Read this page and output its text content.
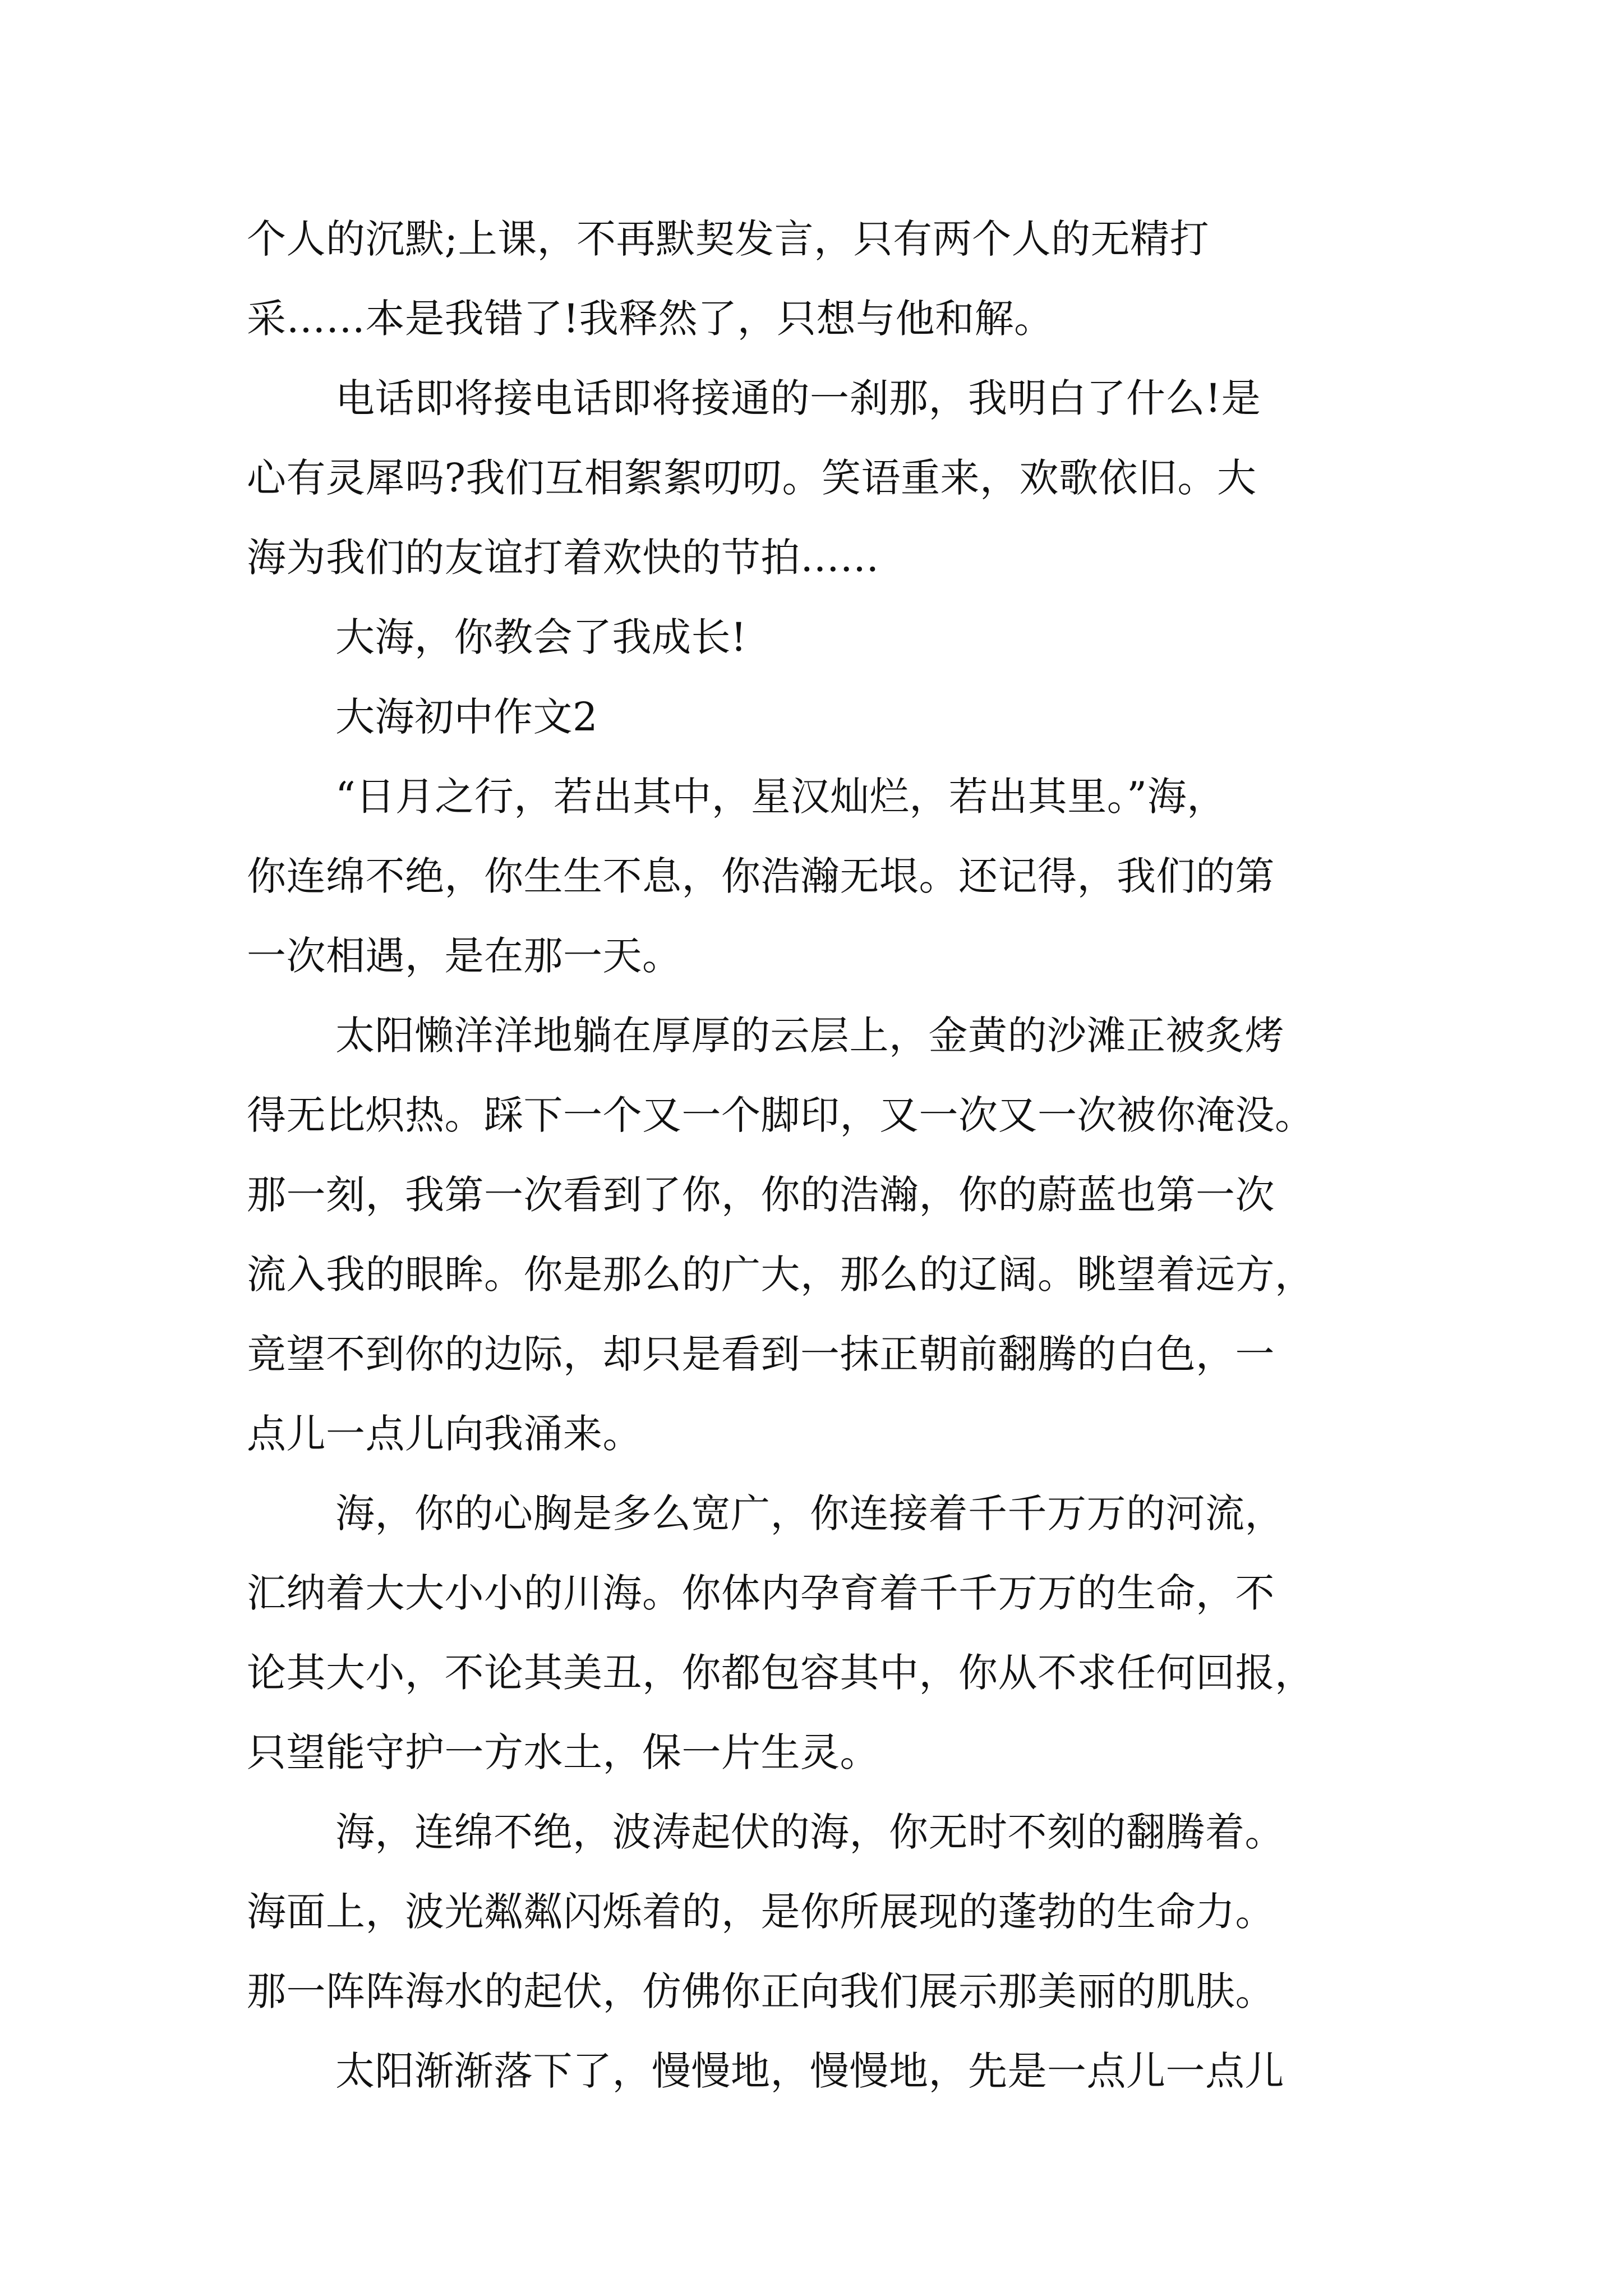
个人的沉默;上课，不再默契发言，只有两个人的无精打
采……本是我错了!我释然了，只想与他和解。
电话即将接电话即将接通的一刹那，我明白了什么!是
心有灵犀吗?我们互相絮絮叨叨。笑语重来，欢歌依旧。大
海为我们的友谊打着欢快的节拍……
大海，你教会了我成长!
大海初中作文2
“日月之行，若出其中，星汉灿烂，若出其里。”海，
你连绵不绝，你生生不息，你浩瀚无垠。还记得，我们的第
一次相遇，是在那一天。
太阳懒洋洋地躺在厚厚的云层上，金黄的沙滩正被炙烤
得无比炽热。踩下一个又一个脚印，又一次又一次被你淹没。
那一刻，我第一次看到了你，你的浩瀚，你的蔚蓝也第一次
流入我的眼眸。你是那么的广大，那么的辽阔。眺望着远方，
竟望不到你的边际，却只是看到一抹正朝前翻腾的白色，一
点儿一点儿向我涌来。
海，你的心胸是多么宽广，你连接着千千万万的河流，
汇纳着大大小小的川海。你体内孕育着千千万万的生命，不
论其大小，不论其美丑，你都包容其中，你从不求任何回报，
只望能守护一方水土，保一片生灵。
海，连绵不绝，波涛起伏的海，你无时不刻的翻腾着。
海面上，波光粼粼闪烁着的，是你所展现的蓬勃的生命力。
那一阵阵海水的起伏，仿佛你正向我们展示那美丽的肌肤。
太阳渐渐落下了，慢慢地，慢慢地，先是一点儿一点儿
